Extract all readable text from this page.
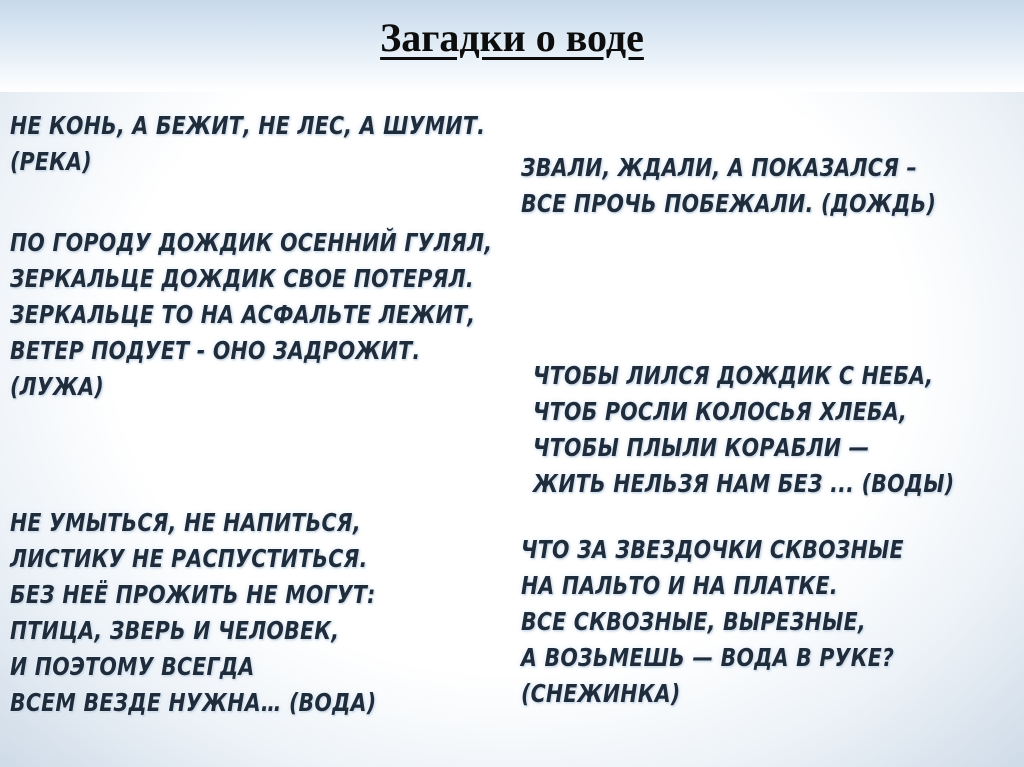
Загадки о воде
НЕ КОНЬ, А БЕЖИТ, НЕ ЛЕС, А ШУМИТ.
(РЕКА)	ЗВАЛИ, ЖДАЛИ, А ПОКАЗАЛСЯ –
ВСЕ ПРОЧЬ ПОБЕЖАЛИ. (ДОЖДЬ)
ПО ГОРОДУ ДОЖДИК ОСЕННИЙ ГУЛЯЛ,
ЗЕРКАЛЬЦЕ ДОЖДИК СВОЕ ПОТЕРЯЛ.
ЗЕРКАЛЬЦЕ ТО НА АСФАЛЬТЕ ЛЕЖИТ,
ВЕТЕР ПОДУЕТ - ОНО ЗАДРОЖИТ.
(ЛУЖА)	ЧТОБЫ ЛИЛСЯ ДОЖДИК С НЕБА,
ЧТОБ РОСЛИ КОЛОСЬЯ ХЛЕБА,
ЧТОБЫ ПЛЫЛИ КОРАБЛИ —
ЖИТЬ НЕЛЬЗЯ НАМ БЕЗ ... (ВОДЫ)
НЕ УМЫТЬСЯ, НЕ НАПИТЬСЯ,
ЛИСТИКУ НЕ РАСПУСТИТЬСЯ.
БЕЗ НЕЁ ПРОЖИТЬ НЕ МОГУТ:
ПТИЦА, ЗВЕРЬ И ЧЕЛОВЕК,
И ПОЭТОМУ ВСЕГДА
ВСЕМ ВЕЗДЕ НУЖНА… (ВОДА)
ЧТО ЗА ЗВЕЗДОЧКИ СКВОЗНЫЕ
НА ПАЛЬТО И НА ПЛАТКЕ.
ВСЕ СКВОЗНЫЕ, ВЫРЕЗНЫЕ,
А ВОЗЬМЕШЬ — ВОДА В РУКЕ?
(СНЕЖИНКА)
